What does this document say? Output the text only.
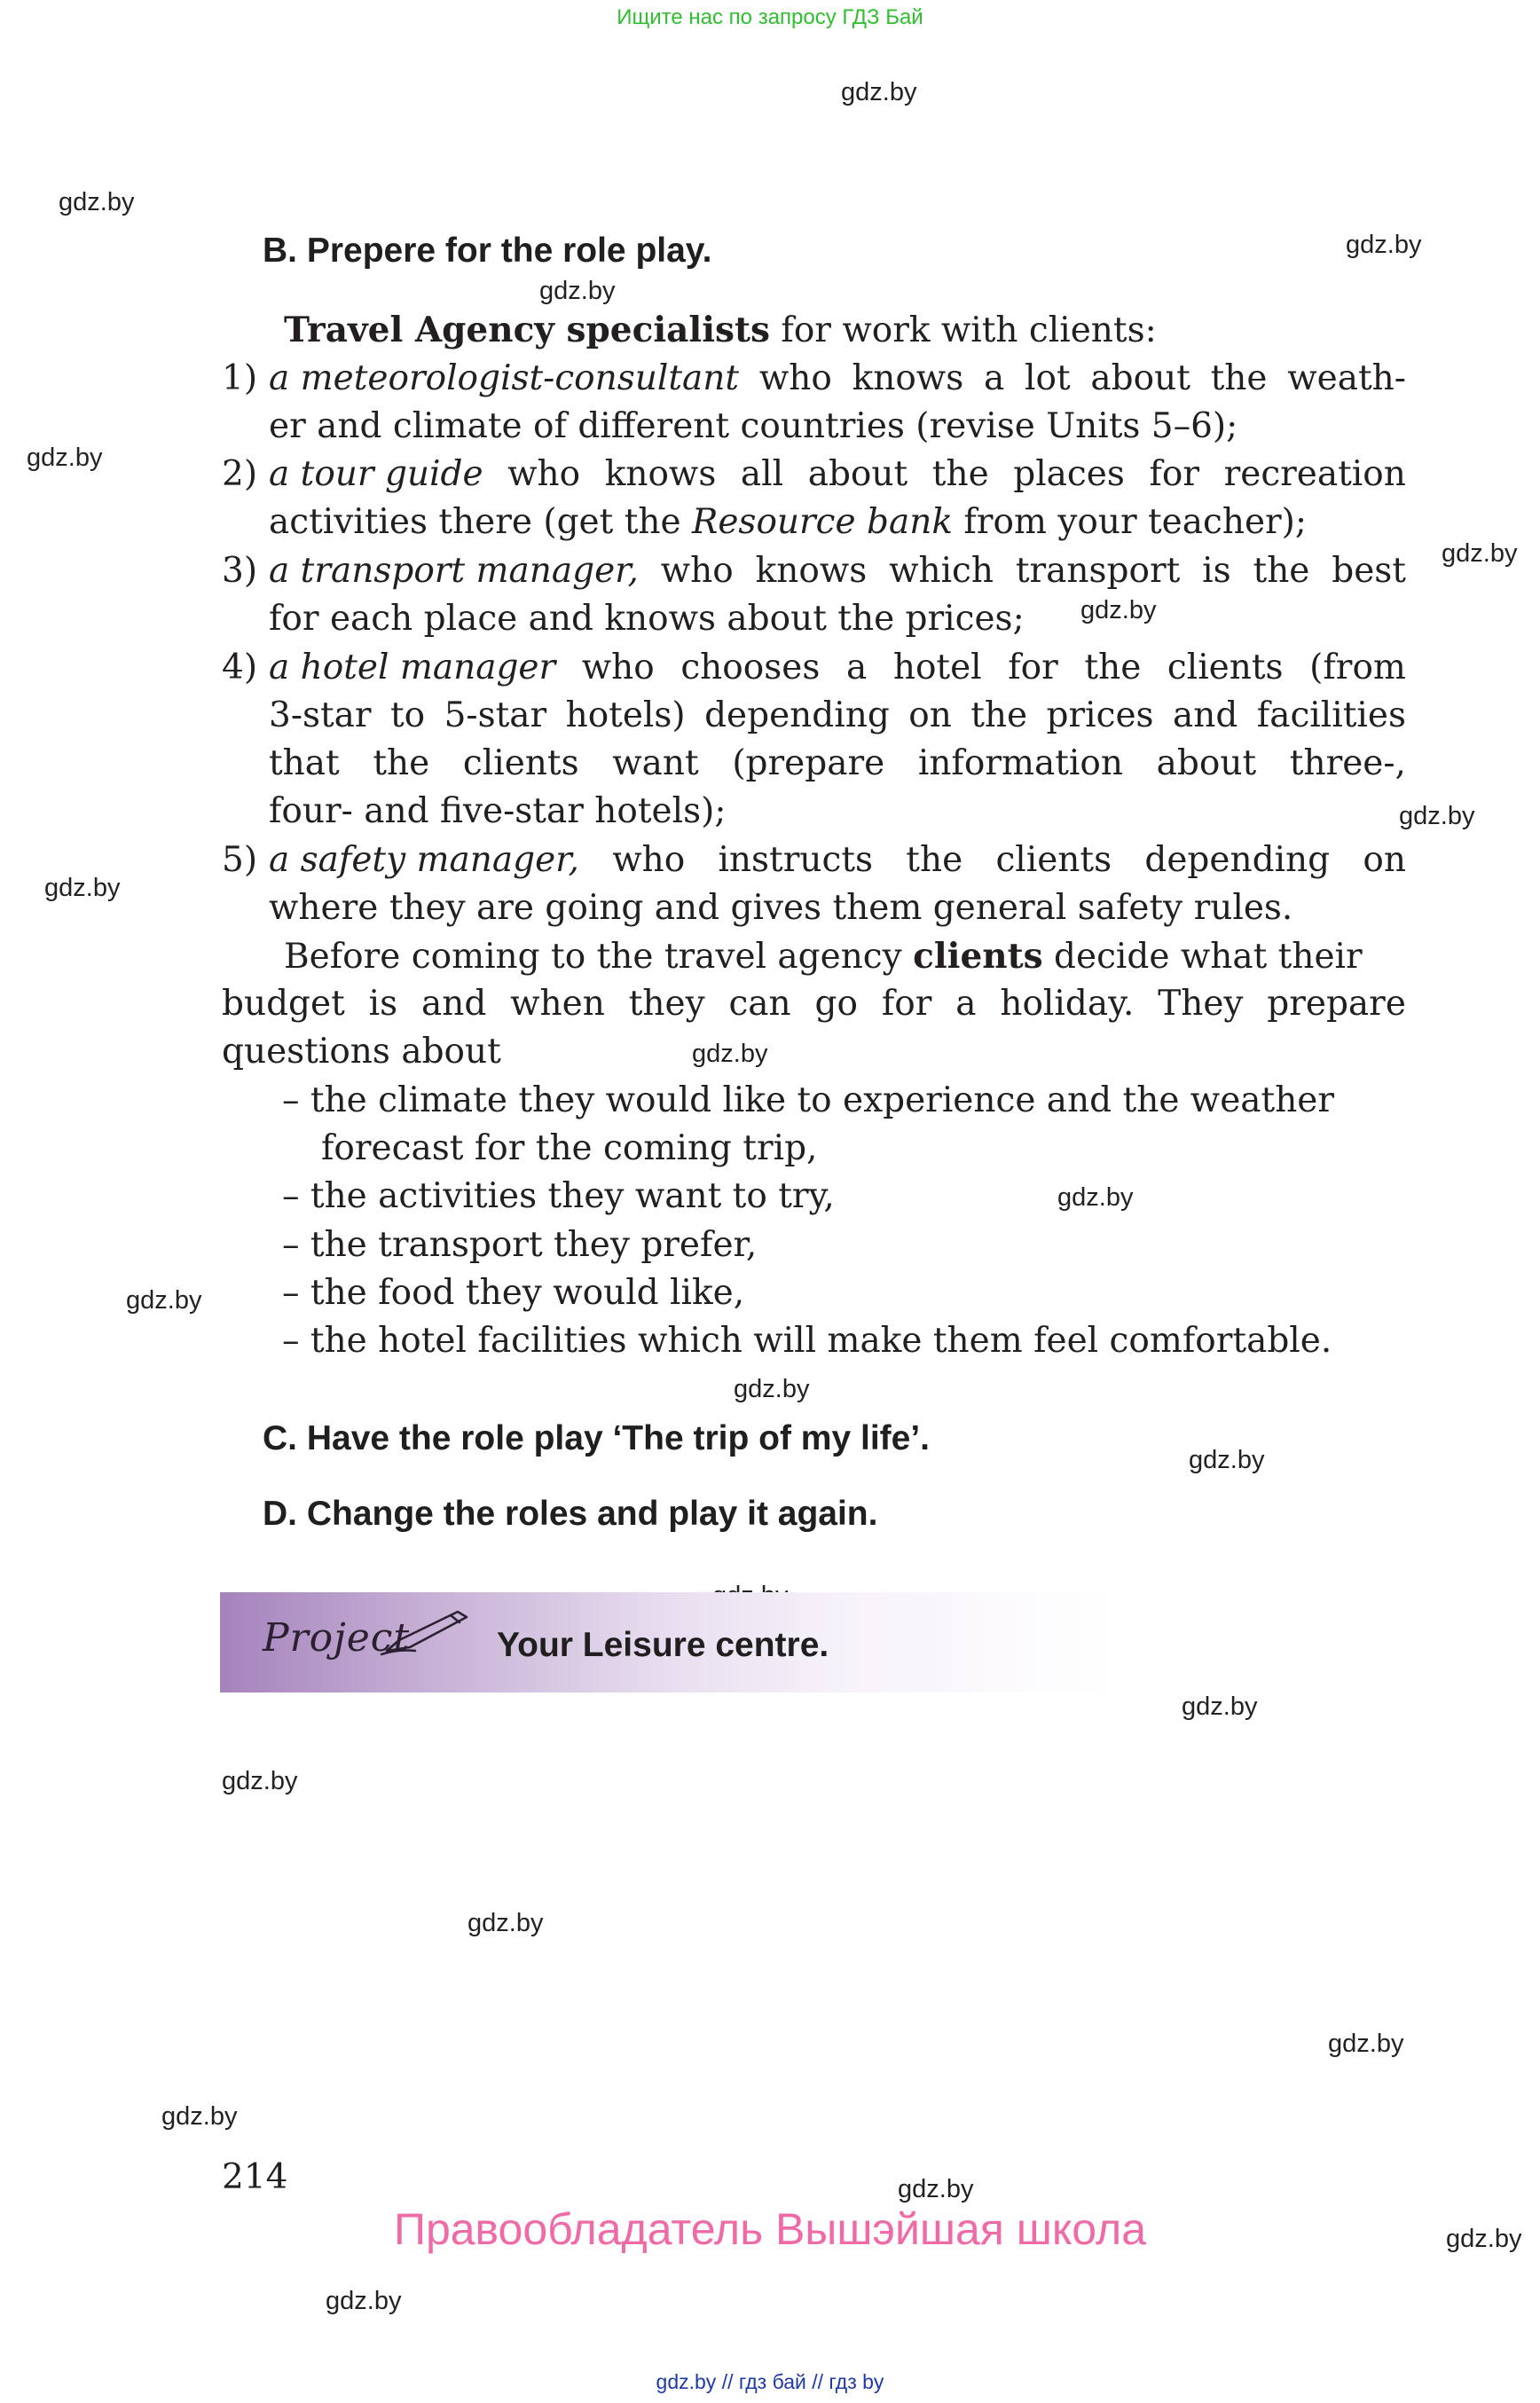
Ищите нас по запросу ГДЗ Бай
gdz.by
gdz.by
gdz.by
gdz.by
gdz.by
gdz.by
gdz.by
gdz.by
gdz.by
gdz.by
gdz.by
gdz.by
gdz.by
gdz.by
gdz.by
gdz.by
gdz.by
gdz.by
gdz.by
gdz.by
gdz.by
gdz.by
B. Prepere for the role play.
Travel Agency specialists for work with clients:
1) a meteorologist-consultant who knows a lot about the weath-
er and climate of different countries (revise Units 5–6);
2) a tour guide who knows all about the places for recreation
activities there (get the Resource bank from your teacher);
3) a transport manager, who knows which transport is the best
for each place and knows about the prices;
4) a hotel manager who chooses a hotel for the clients (from
3-star to 5-star hotels) depending on the prices and facilities
that the clients want (prepare information about three-,
four- and five-star hotels);
5) a safety manager, who instructs the clients depending on
where they are going and gives them general safety rules.
Before coming to the travel agency clients decide what their
budget is and when they can go for a holiday. They prepare
questions about
– the climate they would like to experience and the weather
forecast for the coming trip,
– the activities they want to try,
– the transport they prefer,
– the food they would like,
– the hotel facilities which will make them feel comfortable.
C. Have the role play ‘The trip of my life’.
D. Change the roles and play it again.
Project	Your Leisure centre.
214
Правообладатель Вышэйшая школа
gdz.by // гдз бай // гдз by
